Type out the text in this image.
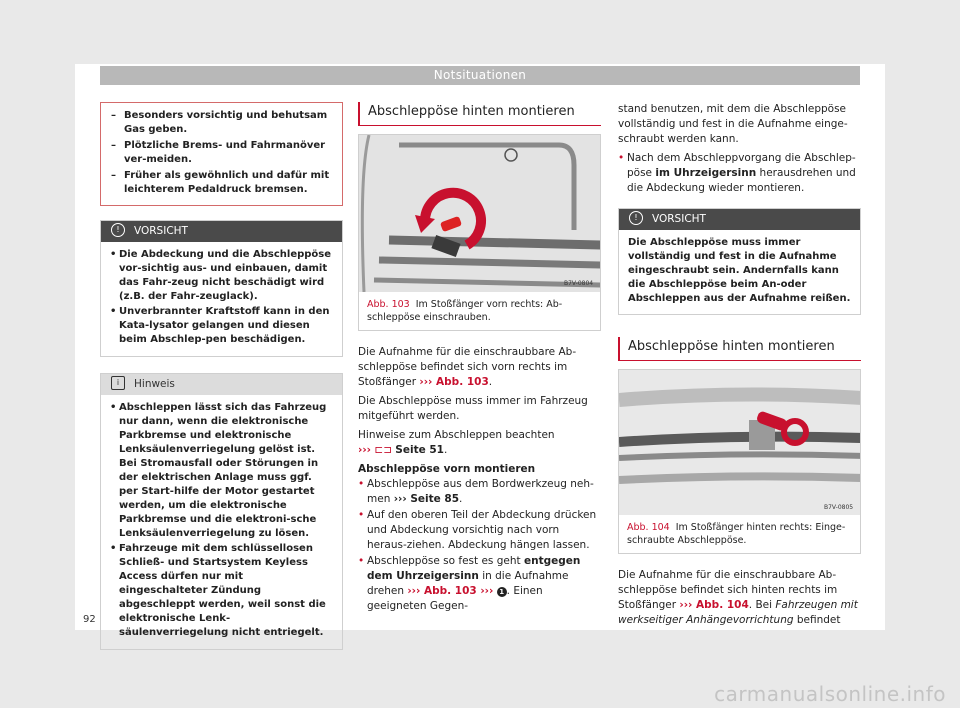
Notsituationen
– Besonders vorsichtig und behutsam Gas geben.
– Plötzliche Brems- und Fahrmanöver ver-meiden.
– Früher als gewöhnlich und dafür mit leichterem Pedaldruck bremsen.
! VORSICHT
• Die Abdeckung und die Abschleppöse vor-sichtig aus- und einbauen, damit das Fahr-zeug nicht beschädigt wird (z.B. der Fahr-zeuglack).
• Unverbrannter Kraftstoff kann in den Kata-lysator gelangen und diesen beim Abschlep-pen beschädigen.
i Hinweis
• Abschleppen lässt sich das Fahrzeug nur dann, wenn die elektronische Parkbremse und elektronische Lenksäulenverriegelung gelöst ist. Bei Stromausfall oder Störungen in der elektrischen Anlage muss ggf. per Start-hilfe der Motor gestartet werden, um die elektronische Parkbremse und die elektroni-sche Lenksäulenverriegelung zu lösen.
• Fahrzeuge mit dem schlüssellosen Schließ- und Startsystem Keyless Access dürfen nur mit eingeschalteter Zündung abgeschleppt werden, weil sonst die elektronische Lenk-säulenverriegelung nicht entriegelt.
Abschleppöse hinten montieren
B7V-0804
Abb. 103 Im Stoßfänger vorn rechts: Ab-schleppöse einschrauben.
Die Aufnahme für die einschraubbare Ab-schleppöse befindet sich vorn rechts im Stoßfänger ››› Abb. 103.
Die Abschleppöse muss immer im Fahrzeug mitgeführt werden.
Hinweise zum Abschleppen beachten
››› ⊏⊐ Seite 51.
Abschleppöse vorn montieren
• Abschleppöse aus dem Bordwerkzeug neh-men ››› Seite 85.
• Auf den oberen Teil der Abdeckung drücken und Abdeckung vorsichtig nach vorn heraus-ziehen. Abdeckung hängen lassen.
• Abschleppöse so fest es geht entgegen dem Uhrzeigersinn in die Aufnahme drehen ››› Abb. 103 ››› 1 . Einen geeigneten Gegen-
stand benutzen, mit dem die Abschleppöse vollständig und fest in die Aufnahme einge-schraubt werden kann.
• Nach dem Abschleppvorgang die Abschlep-pöse im Uhrzeigersinn herausdrehen und die Abdeckung wieder montieren.
! VORSICHT
Die Abschleppöse muss immer vollständig und fest in die Aufnahme eingeschraubt sein. Andernfalls kann die Abschleppöse beim An-oder Abschleppen aus der Aufnahme reißen.
Abschleppöse hinten montieren
B7V-0805
Abb. 104 Im Stoßfänger hinten rechts: Einge-schraubte Abschleppöse.
Die Aufnahme für die einschraubbare Ab-schleppöse befindet sich hinten rechts im Stoßfänger ››› Abb. 104. Bei Fahrzeugen mit werkseitiger Anhängevorrichtung befindet
92
carmanualsonline.info
